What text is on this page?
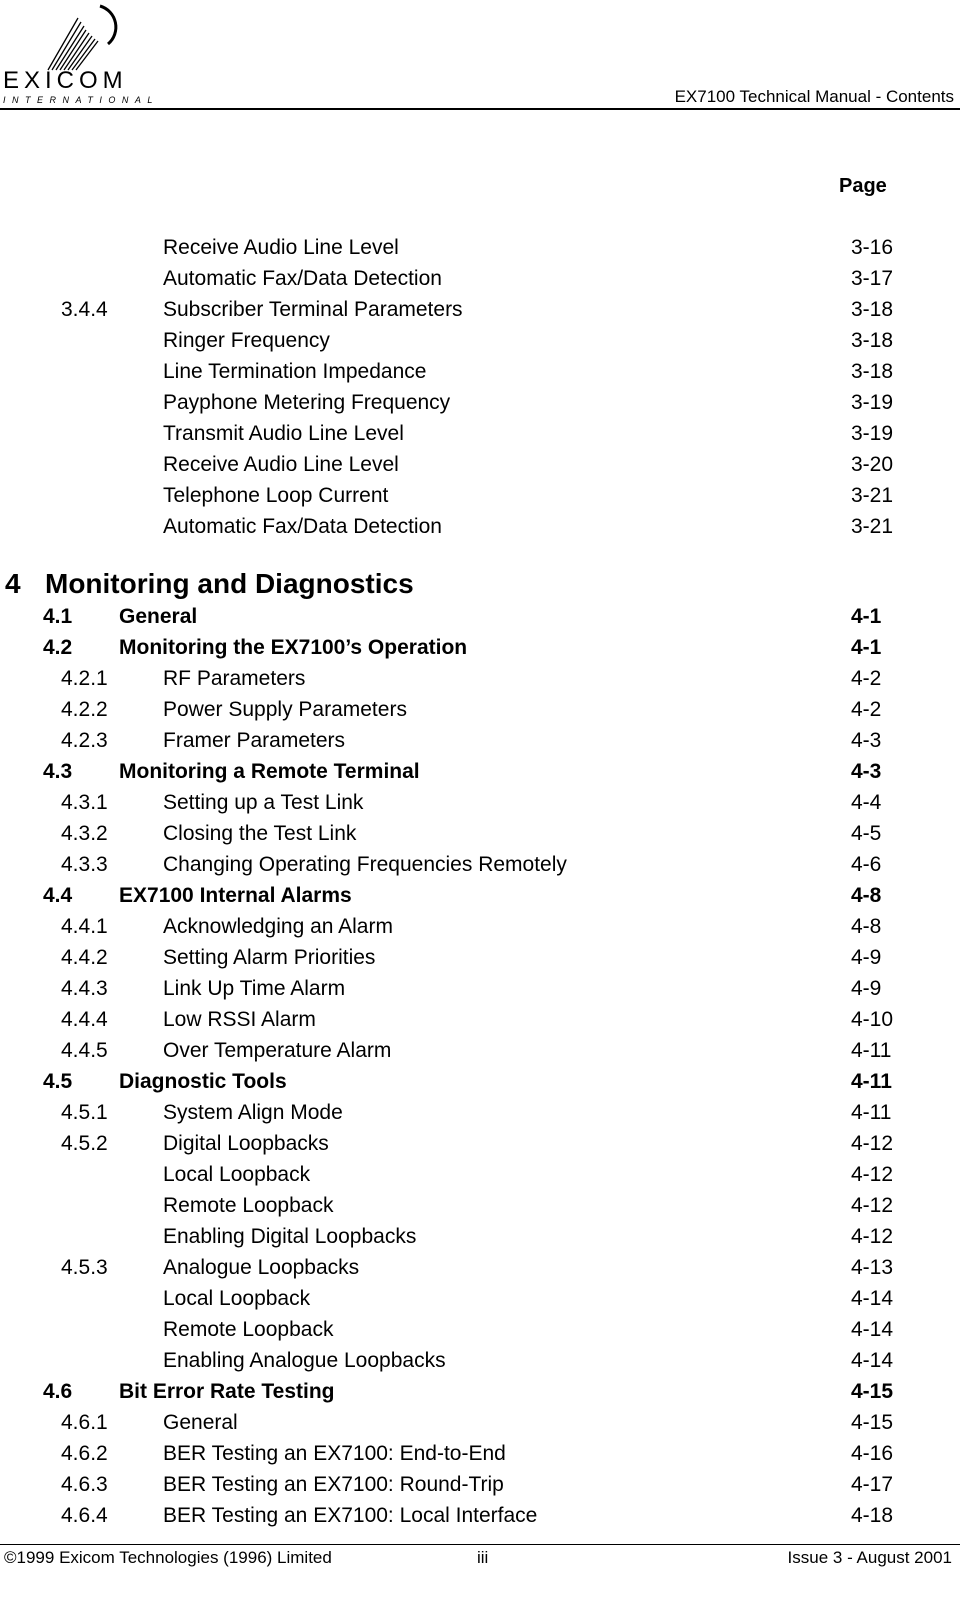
EXICOM
INTERNATIONAL	EX7100 Technical Manual - Contents
Page
Receive Audio Line Level	3-16
Automatic Fax/Data Detection	3-17
3.4.4	Subscriber Terminal Parameters	3-18
Ringer Frequency	3-18
Line Termination Impedance	3-18
Payphone Metering Frequency	3-19
Transmit Audio Line Level	3-19
Receive Audio Line Level	3-20
Telephone Loop Current	3-21
Automatic Fax/Data Detection	3-21
4 Monitoring and Diagnostics
4.1 General	4-1
4.2 Monitoring the EX7100’s Operation	4-1
4.2.1	RF Parameters	4-2
4.2.2	Power Supply Parameters	4-2
4.2.3	Framer Parameters	4-3
4.3 Monitoring a Remote Terminal	4-3
4.3.1	Setting up a Test Link	4-4
4.3.2	Closing the Test Link	4-5
4.3.3	Changing Operating Frequencies Remotely	4-6
4.4 EX7100 Internal Alarms	4-8
4.4.1	Acknowledging an Alarm	4-8
4.4.2	Setting Alarm Priorities	4-9
4.4.3	Link Up Time Alarm	4-9
4.4.4	Low RSSI Alarm	4-10
4.4.5	Over Temperature Alarm	4-11
4.5 Diagnostic Tools	4-11
4.5.1	System Align Mode	4-11
4.5.2	Digital Loopbacks	4-12
Local Loopback	4-12
Remote Loopback	4-12
Enabling Digital Loopbacks	4-12
4.5.3	Analogue Loopbacks	4-13
Local Loopback	4-14
Remote Loopback	4-14
Enabling Analogue Loopbacks	4-14
4.6 Bit Error Rate Testing	4-15
4.6.1	General	4-15
4.6.2	BER Testing an EX7100: End-to-End	4-16
4.6.3	BER Testing an EX7100: Round-Trip	4-17
4.6.4	BER Testing an EX7100: Local Interface	4-18
©1999 Exicom Technologies (1996) Limited	iii	Issue 3 - August 2001
